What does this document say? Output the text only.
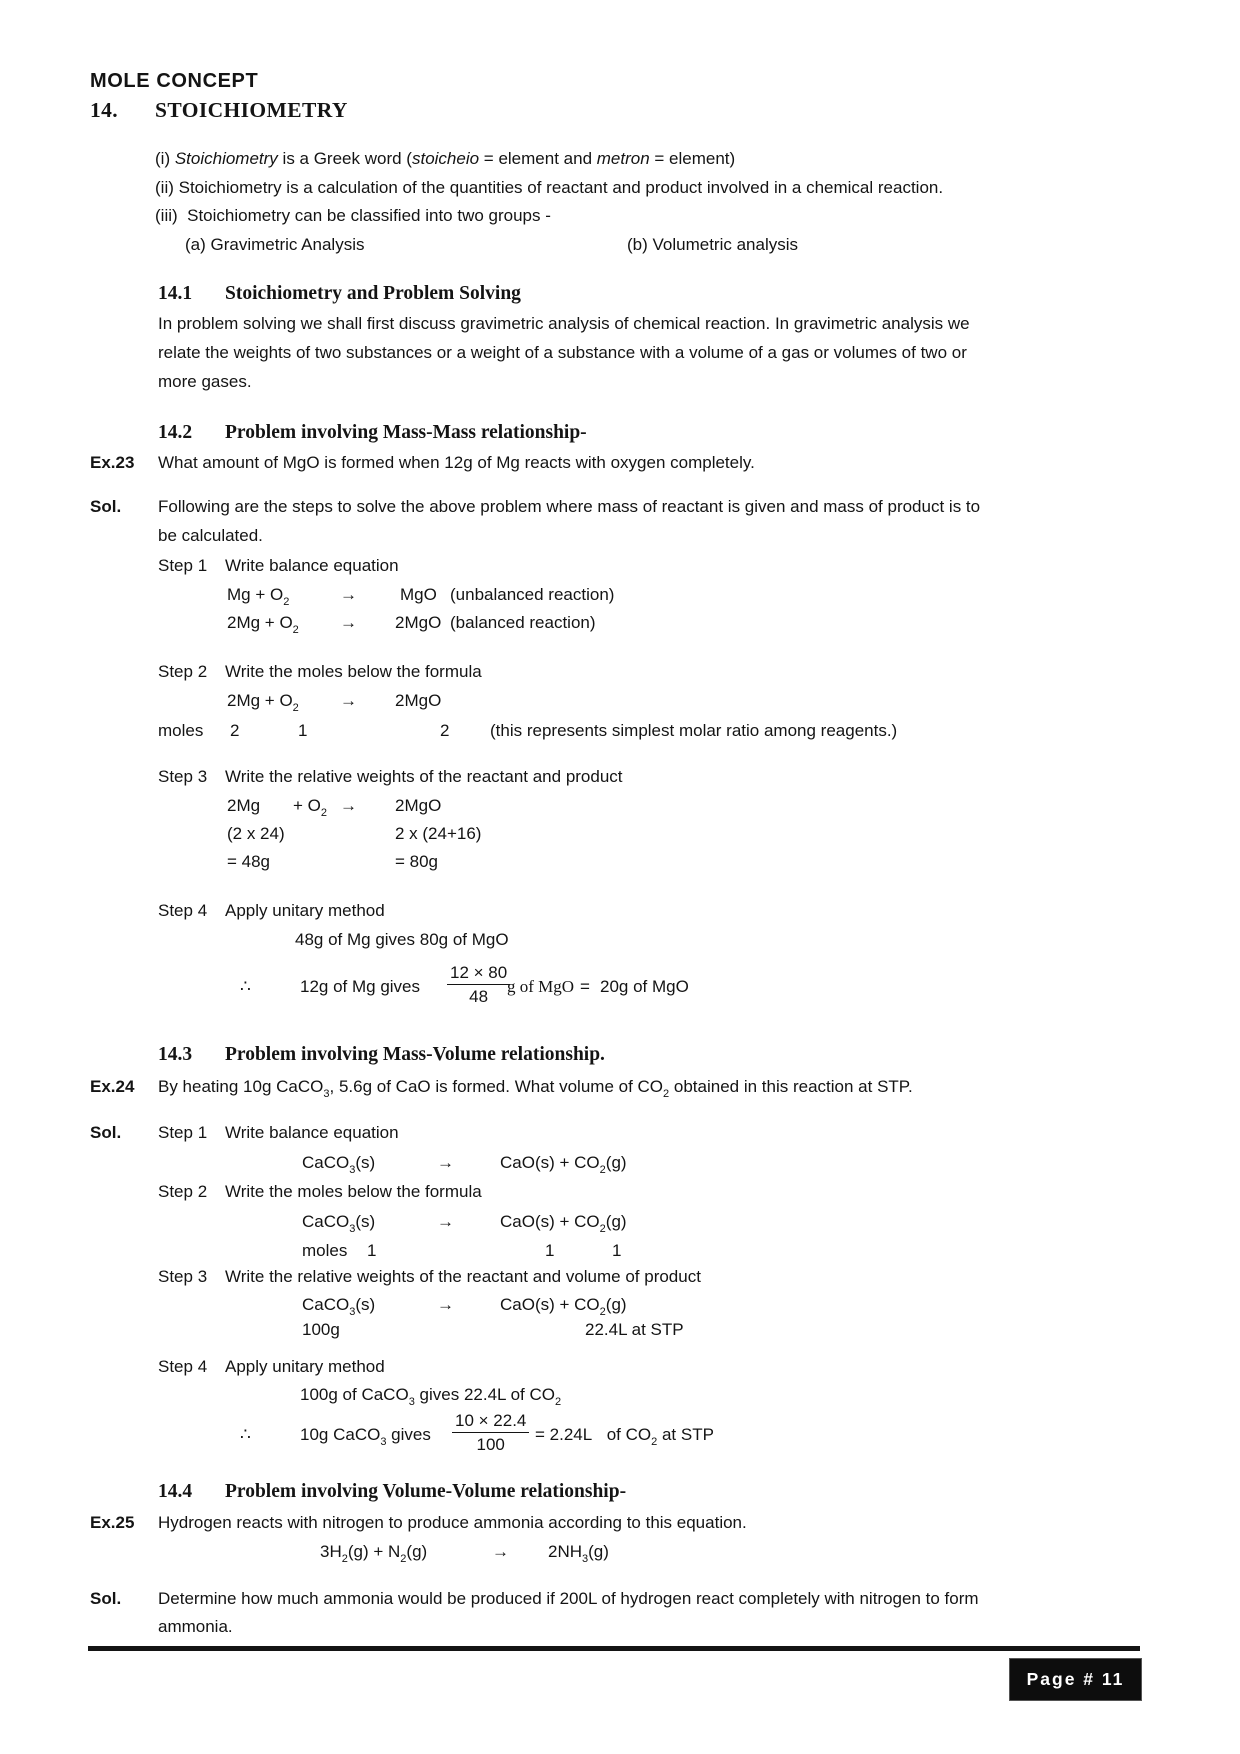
MOLE CONCEPT
14. STOICHIOMETRY
(i) Stoichiometry is a Greek word (stoicheio = element and metron = element)
(ii) Stoichiometry is a calculation of the quantities of reactant and product involved in a chemical reaction.
(iii)  Stoichiometry can be classified into two groups -
(a) Gravimetric Analysis	(b) Volumetric analysis
14.1 Stoichiometry and Problem Solving
In problem solving we shall first discuss gravimetric analysis of chemical reaction. In gravimetric analysis we
relate the weights of two substances or a weight of a substance with a volume of a gas or volumes of two or
more gases.
14.2 Problem involving Mass-Mass relationship-
Ex.23 What amount of MgO is formed when 12g of Mg reacts with oxygen completely.
Sol. Following are the steps to solve the above problem where mass of reactant is given and mass of product is to
be calculated.
Step 1 Write balance equation
$Mg + O_2$	→	MgO (unbalanced reaction)
$2Mg + O_2 \to 2MgO$ (balanced reaction)
Step 2 Write the moles below the formula
$2Mg + O_2 \to 2MgO$
moles 2	1	2 (this represents simplest molar ratio among reagents.)
Step 3 Write the relative weights of the reactant and product
$2Mg + O_2 \to 2MgO$
(2 x 24)	2 x (24+16)
= 48g	= 80g
Step 4 Apply unitary method
48g of Mg gives 80g of MgO
∴	12g of Mg gives $\frac{12 \times 80}{48}$
g of MgO = 20g of MgO
14.3 Problem involving Mass-Volume relationship.
Ex.24 By heating 10g CaCO$_3$, 5.6g of CaO is formed. What volume of $CO_2$ obtained in this reaction at STP.
Sol. Step 1 Write balance equation
CaCO$_3$(s)	→	$CaO(s) + CO_2(g)$
Step 2 Write the moles below the formula
CaCO$_3$(s)	→	$CaO(s) + CO_2(g)$
moles 1	1	1
Step 3 Write the relative weights of the reactant and volume of product
CaCO$_3$(s)	→	$CaO(s) + CO_2(g)$
100g	22.4L at STP
Step 4 Apply unitary method
100g of CaCO$_3$ gives 22.4L of $CO_2$
∴	10g CaCO$_3$ gives $\frac{10 \times 22.4}{100} = 2.24L$ of $CO_2$ at STP
14.4 Problem involving Volume-Volume relationship-
Ex.25 Hydrogen reacts with nitrogen to produce ammonia according to this equation.
$3H_2(g) + N_2(g)$	→ $2NH_3(g)$
Sol. Determine how much ammonia would be produced if 200L of hydrogen react completely with nitrogen to form
ammonia.
Page # 11
